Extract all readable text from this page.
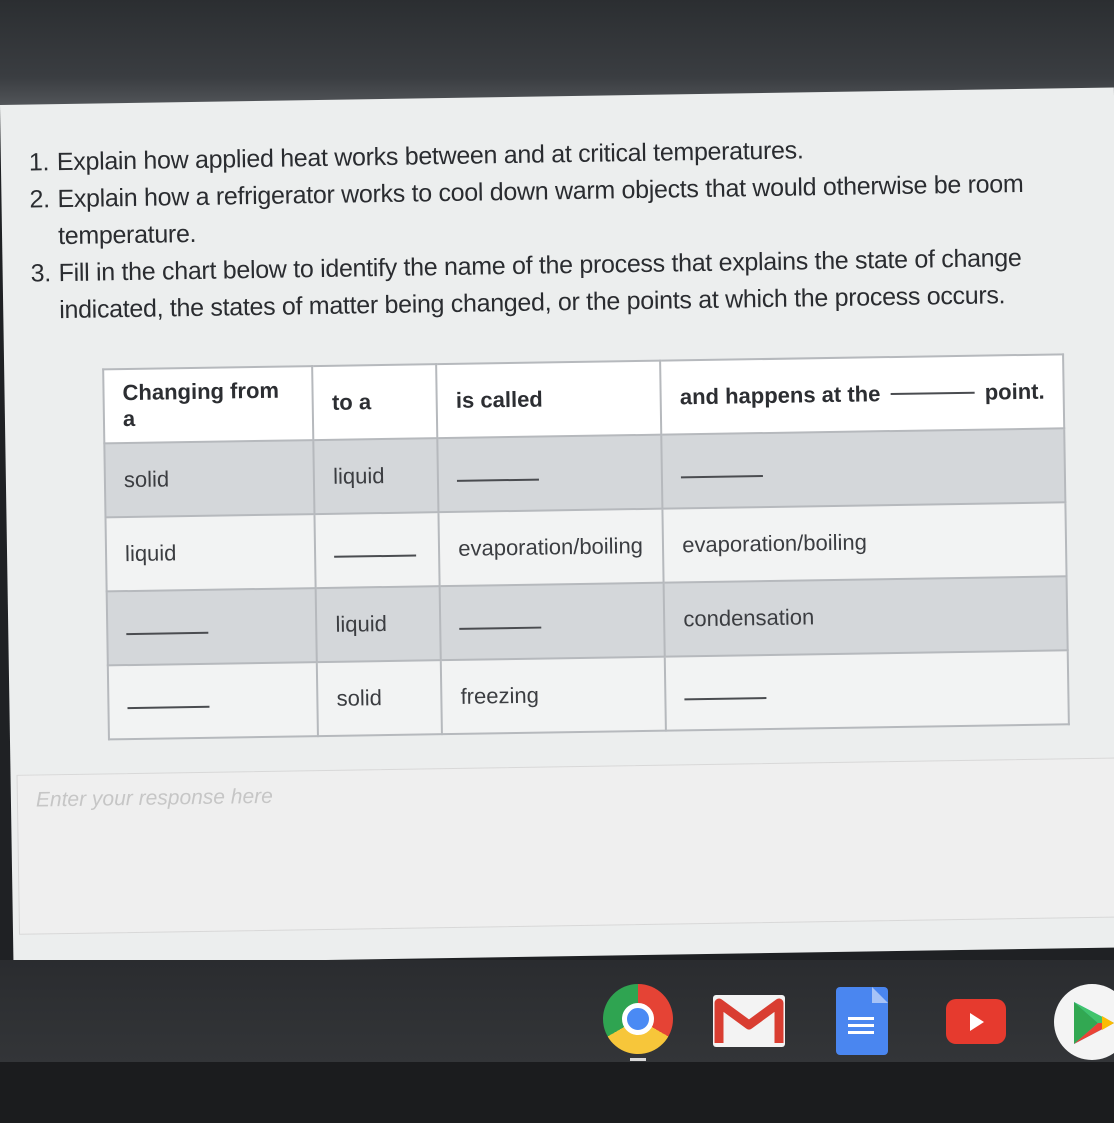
1. Explain how applied heat works between and at critical temperatures.
2. Explain how a refrigerator works to cool down warm objects that would otherwise be room temperature.
3. Fill in the chart below to identify the name of the process that explains the state of change indicated, the states of matter being changed, or the points at which the process occurs.
Changing from a	to a	is called	and happens at the point.

solid	liquid		
liquid		evaporation/boiling	evaporation/boiling
	liquid		condensation
	solid	freezing	
Enter your response here
